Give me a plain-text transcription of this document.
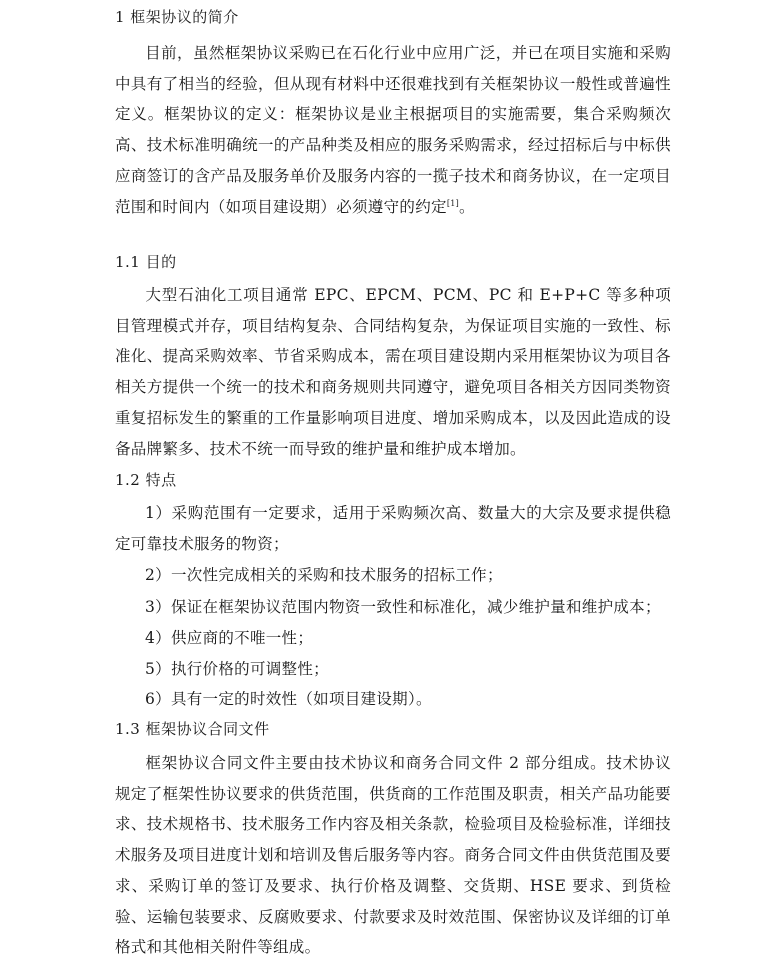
1 框架协议的简介

目前，虽然框架协议采购已在石化行业中应用广泛，并已在项目实施和采购中具有了相当的经验，但从现有材料中还很难找到有关框架协议一般性或普遍性定义。框架协议的定义：框架协议是业主根据项目的实施需要，集合采购频次高、技术标准明确统一的产品种类及相应的服务采购需求，经过招标后与中标供应商签订的含产品及服务单价及服务内容的一揽子技术和商务协议，在一定项目范围和时间内（如项目建设期）必须遵守的约定[1]。

1.1 目的

大型石油化工项目通常 EPC、EPCM、PCM、PC 和 E+P+C 等多种项目管理模式并存，项目结构复杂、合同结构复杂，为保证项目实施的一致性、标准化、提高采购效率、节省采购成本，需在项目建设期内采用框架协议为项目各相关方提供一个统一的技术和商务规则共同遵守，避免项目各相关方因同类物资重复招标发生的繁重的工作量影响项目进度、增加采购成本，以及因此造成的设备品牌繁多、技术不统一而导致的维护量和维护成本增加。

1.2 特点
1）采购范围有一定要求，适用于采购频次高、数量大的大宗及要求提供稳定可靠技术服务的物资；
2）一次性完成相关的采购和技术服务的招标工作；
3）保证在框架协议范围内物资一致性和标准化，减少维护量和维护成本；
4）供应商的不唯一性；
5）执行价格的可调整性；
6）具有一定的时效性（如项目建设期）。
1.3 框架协议合同文件

框架协议合同文件主要由技术协议和商务合同文件 2 部分组成。技术协议规定了框架性协议要求的供货范围，供货商的工作范围及职责，相关产品功能要求、技术规格书、技术服务工作内容及相关条款，检验项目及检验标准，详细技术服务及项目进度计划和培训及售后服务等内容。商务合同文件由供货范围及要求、采购订单的签订及要求、执行价格及调整、交货期、HSE 要求、到货检验、运输包装要求、反腐败要求、付款要求及时效范围、保密协议及详细的订单格式和其他相关附件等组成。
